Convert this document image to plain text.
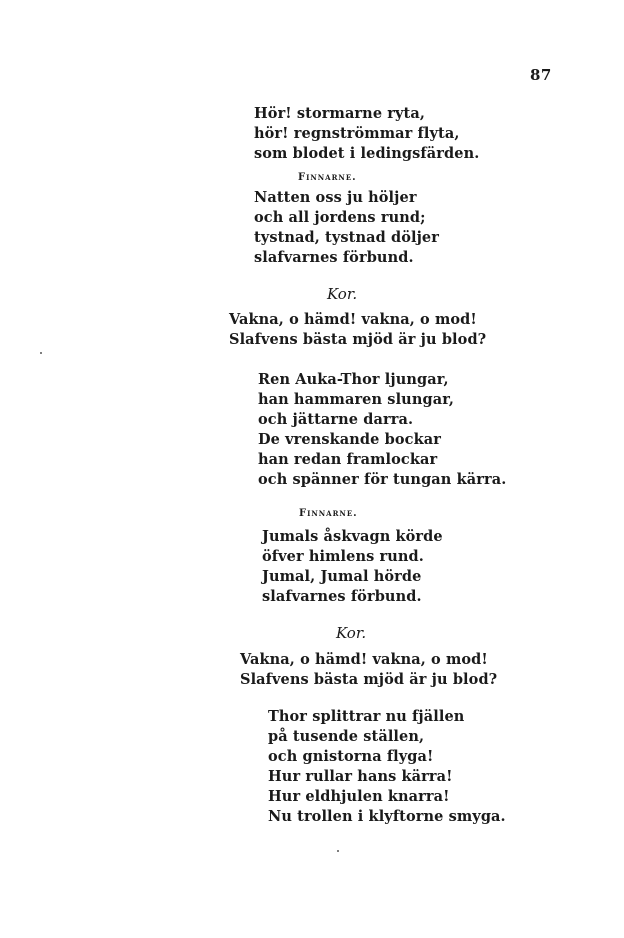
87
Hör! stormarne ryta,
hör! regnströmmar flyta,
som blodet i ledingsfärden.
Finnarne.
Natten oss ju höljer
och all jordens rund;
tystnad, tystnad döljer
slafvarnes förbund.
Kor.
Vakna, o hämd! vakna, o mod!
Slafvens bästa mjöd är ju blod?
Ren Auka-Thor ljungar,
han hammaren slungar,
och jättarne darra.
De vrenskande bockar
han redan framlockar
och spänner för tungan kärra.
Finnarne.
Jumals åskvagn körde
öfver himlens rund.
Jumal, Jumal hörde
slafvarnes förbund.
Kor.
Vakna, o hämd! vakna, o mod!
Slafvens bästa mjöd är ju blod?
Thor splittrar nu fjällen
på tusende ställen,
och gnistorna flyga!
Hur rullar hans kärra!
Hur eldhjulen knarra!
Nu trollen i klyftorne smyga.
